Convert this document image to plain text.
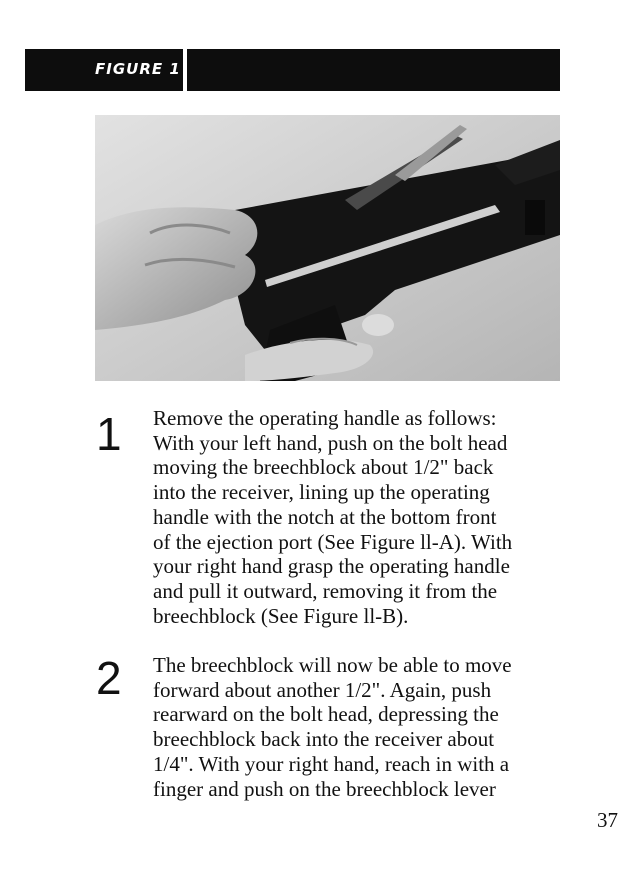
FIGURE 1
1 Remove the operating handle as follows:
With your left hand, push on the bolt head
moving the breechblock about 1/2" back
into the receiver, lining up the operating
handle with the notch at the bottom front
of the ejection port (See Figure ll-A). With
your right hand grasp the operating handle
and pull it outward, removing it from the
breechblock (See Figure ll-B).
2 The breechblock will now be able to move
forward about another 1/2". Again, push
rearward on the bolt head, depressing the
breechblock back into the receiver about
1/4". With your right hand, reach in with a
finger and push on the breechblock lever
37
